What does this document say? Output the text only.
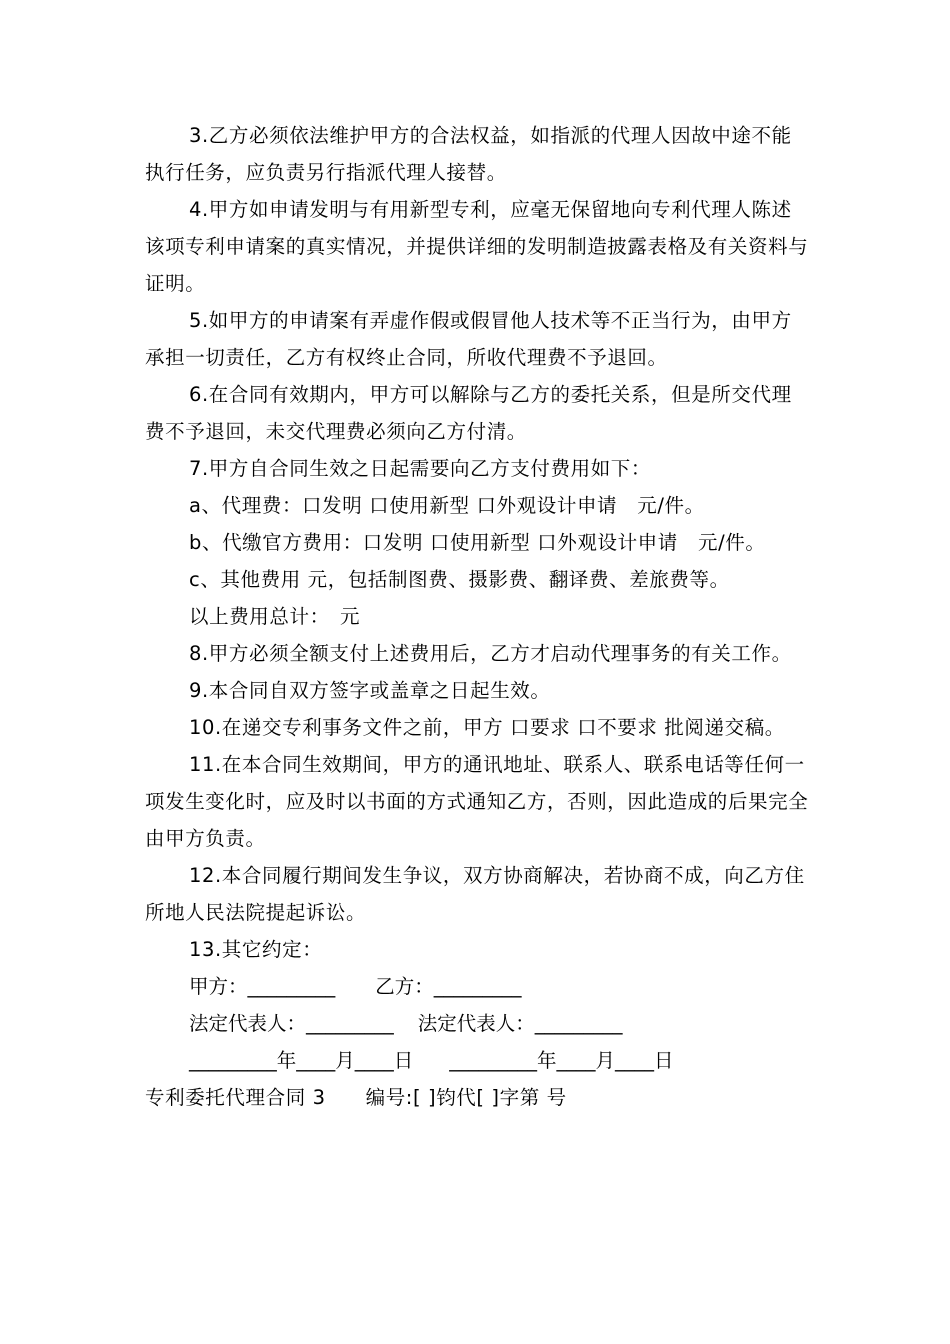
3.乙方必须依法维护甲方的合法权益，如指派的代理人因故中途不能执行任务，应负责另行指派代理人接替。

4.甲方如申请发明与有用新型专利，应毫无保留地向专利代理人陈述该项专利申请案的真实情况，并提供详细的发明制造披露表格及有关资料与证明。

5.如甲方的申请案有弄虚作假或假冒他人技术等不正当行为，由甲方承担一切责任，乙方有权终止合同，所收代理费不予退回。

6.在合同有效期内，甲方可以解除与乙方的委托关系，但是所交代理费不予退回，未交代理费必须向乙方付清。

7.甲方自合同生效之日起需要向乙方支付费用如下：

a、代理费：口发明 口使用新型 口外观设计申请　元/件。

b、代缴官方费用：口发明 口使用新型 口外观设计申请　元/件。

c、其他费用 元，包括制图费、摄影费、翻译费、差旅费等。

以上费用总计：　元

8.甲方必须全额支付上述费用后，乙方才启动代理事务的有关工作。

9.本合同自双方签字或盖章之日起生效。

10.在递交专利事务文件之前，甲方 口要求 口不要求 批阅递交稿。

11.在本合同生效期间，甲方的通讯地址、联系人、联系电话等任何一项发生变化时，应及时以书面的方式通知乙方，否则，因此造成的后果完全由甲方负责。

12.本合同履行期间发生争议，双方协商解决，若协商不成，向乙方住所地人民法院提起诉讼。

13.其它约定：

甲方：_________ 乙方：_________
法定代表人：_________ 法定代表人：_________
_________年____月____日 _________年____月____日
专利委托代理合同 3 编号:[ ]钧代[ ]字第 号
